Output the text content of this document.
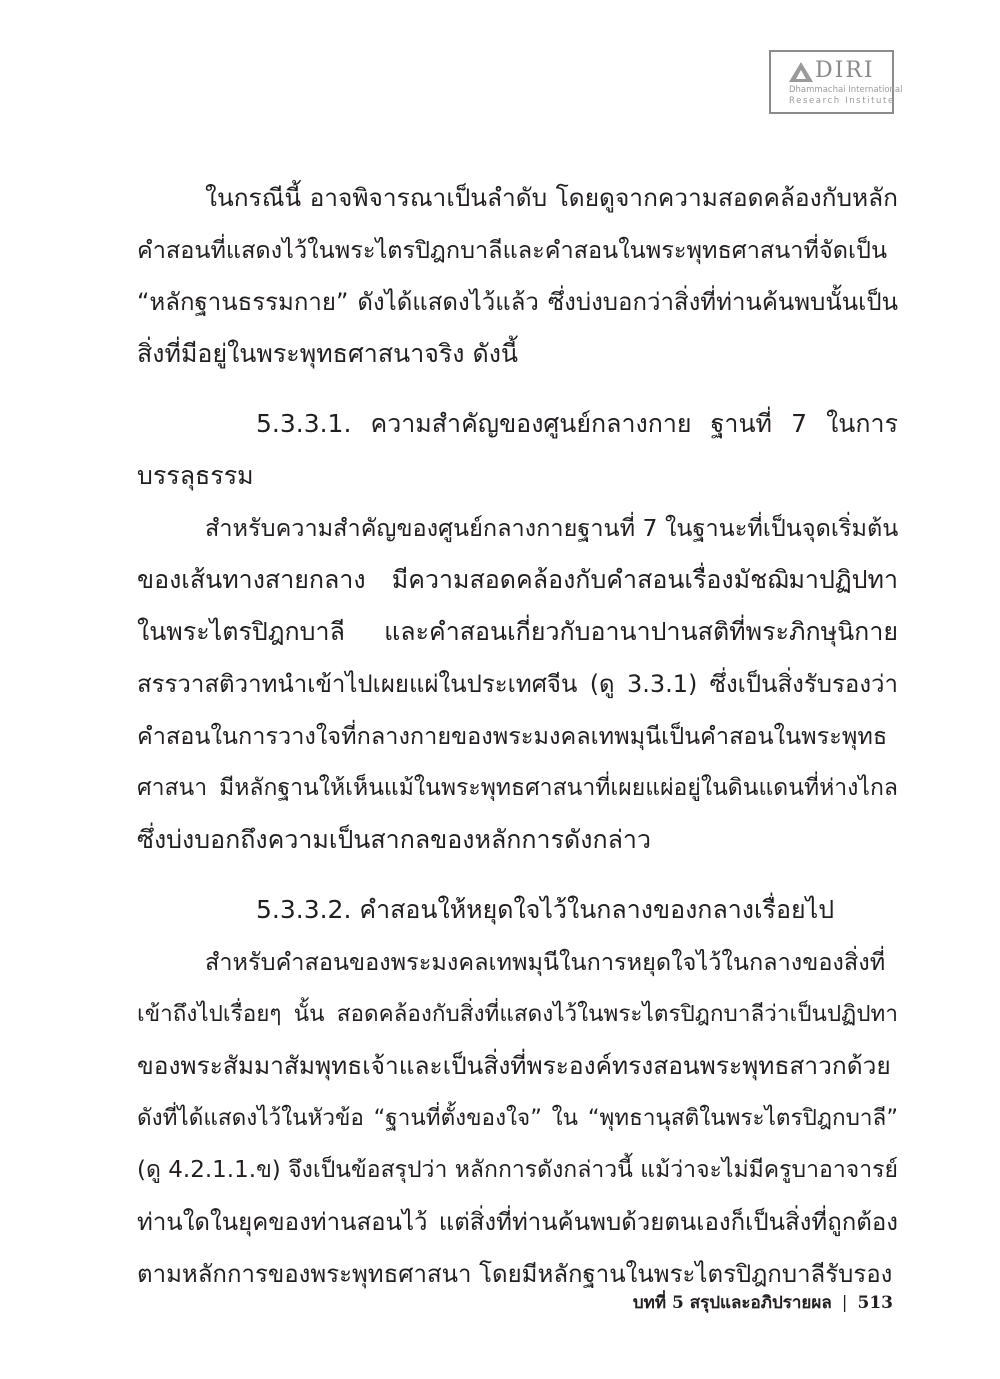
DIRI
Dhammachai International
Research Institute
ในกรณีนี้ อาจพิจารณาเป็นลำดับ โดยดูจากความสอดคล้องกับหลัก
คำสอนที่แสดงไว้ในพระไตรปิฎกบาลีและคำสอนในพระพุทธศาสนาที่จัดเป็น
“หลักฐานธรรมกาย” ดังได้แสดงไว้แล้ว ซึ่งบ่งบอกว่าสิ่งที่ท่านค้นพบนั้นเป็น
สิ่งที่มีอยู่ในพระพุทธศาสนาจริง ดังนี้
5.3.3.1. ความสำคัญของศูนย์กลางกาย ฐานที่ 7 ในการ
บรรลุธรรม
สำหรับความสำคัญของศูนย์กลางกายฐานที่ 7 ในฐานะที่เป็นจุดเริ่มต้น
ของเส้นทางสายกลาง มีความสอดคล้องกับคำสอนเรื่องมัชฌิมาปฏิปทา
ในพระไตรปิฎกบาลี และคำสอนเกี่ยวกับอานาปานสติที่พระภิกษุนิกาย
สรรวาสติวาทนำเข้าไปเผยแผ่ในประเทศจีน (ดู 3.3.1) ซึ่งเป็นสิ่งรับรองว่า
คำสอนในการวางใจที่กลางกายของพระมงคลเทพมุนีเป็นคำสอนในพระพุทธ
ศาสนา มีหลักฐานให้เห็นแม้ในพระพุทธศาสนาที่เผยแผ่อยู่ในดินแดนที่ห่างไกล
ซึ่งบ่งบอกถึงความเป็นสากลของหลักการดังกล่าว
5.3.3.2. คำสอนให้หยุดใจไว้ในกลางของกลางเรื่อยไป
สำหรับคำสอนของพระมงคลเทพมุนีในการหยุดใจไว้ในกลางของสิ่งที่
เข้าถึงไปเรื่อยๆ นั้น สอดคล้องกับสิ่งที่แสดงไว้ในพระไตรปิฎกบาลีว่าเป็นปฏิปทา
ของพระสัมมาสัมพุทธเจ้าและเป็นสิ่งที่พระองค์ทรงสอนพระพุทธสาวกด้วย
ดังที่ได้แสดงไว้ในหัวข้อ “ฐานที่ตั้งของใจ” ใน “พุทธานุสติในพระไตรปิฎกบาลี”
(ดู 4.2.1.1.ข) จึงเป็นข้อสรุปว่า หลักการดังกล่าวนี้ แม้ว่าจะไม่มีครูบาอาจารย์
ท่านใดในยุคของท่านสอนไว้ แต่สิ่งที่ท่านค้นพบด้วยตนเองก็เป็นสิ่งที่ถูกต้อง
ตามหลักการของพระพุทธศาสนา โดยมีหลักฐานในพระไตรปิฎกบาลีรับรอง
บทที่ 5 สรุปและอภิปรายผล | 513
